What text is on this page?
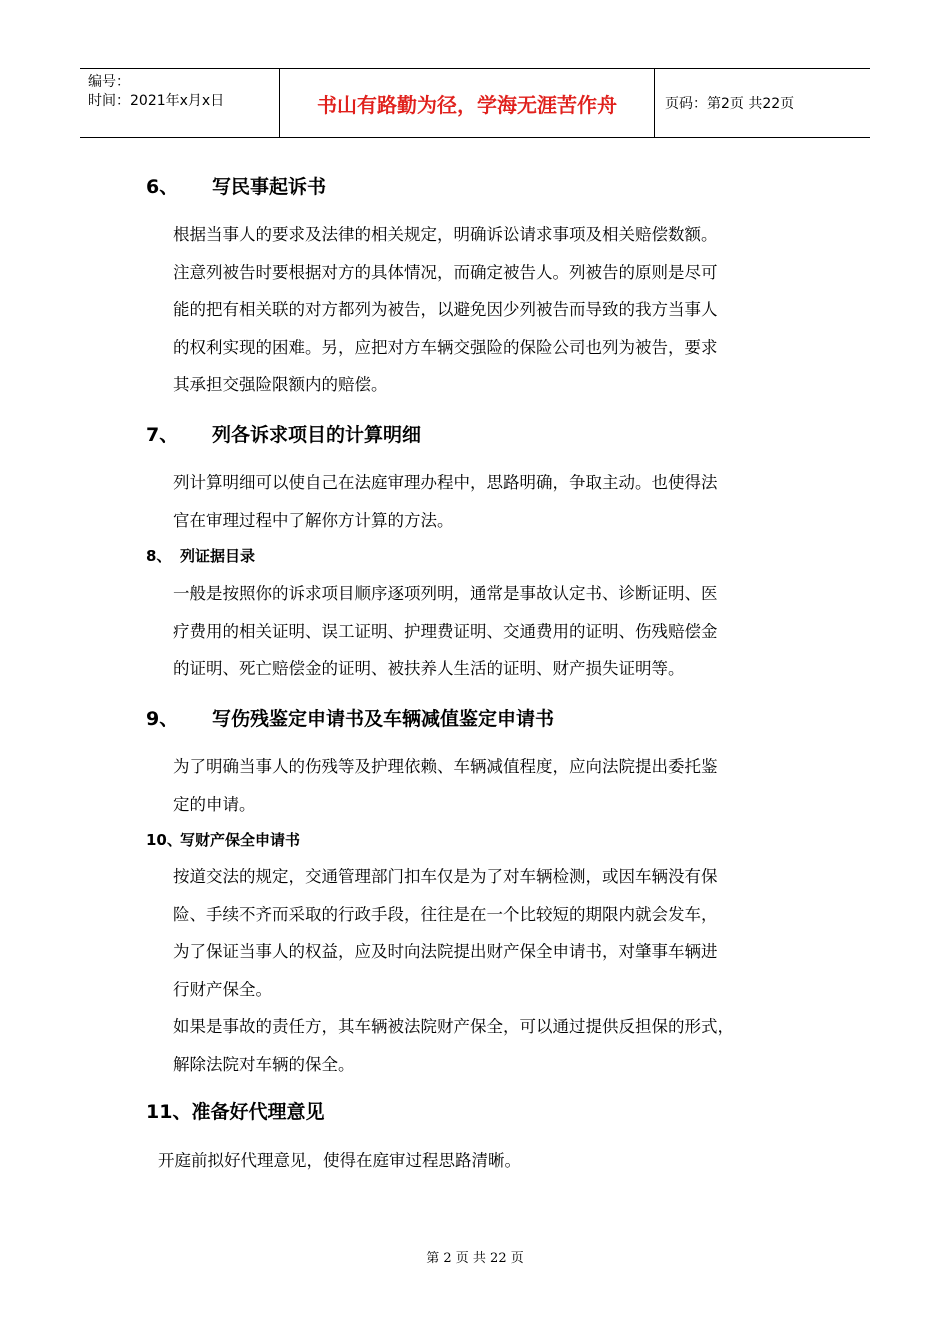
编号：
时间：2021年x月x日	书山有路勤为径，学海无涯苦作舟	页码：第2页 共22页
6、 写民事起诉书
根据当事人的要求及法律的相关规定，明确诉讼请求事项及相关赔偿数额。
注意列被告时要根据对方的具体情况，而确定被告人。列被告的原则是尽可
能的把有相关联的对方都列为被告，以避免因少列被告而导致的我方当事人
的权利实现的困难。另，应把对方车辆交强险的保险公司也列为被告，要求
其承担交强险限额内的赔偿。
7、 列各诉求项目的计算明细
列计算明细可以使自己在法庭审理办程中，思路明确，争取主动。也使得法
官在审理过程中了解你方计算的方法。
8、 列证据目录
一般是按照你的诉求项目顺序逐项列明，通常是事故认定书、诊断证明、医
疗费用的相关证明、误工证明、护理费证明、交通费用的证明、伤残赔偿金
的证明、死亡赔偿金的证明、被扶养人生活的证明、财产损失证明等。
9、 写伤残鉴定申请书及车辆减值鉴定申请书
为了明确当事人的伤残等及护理依赖、车辆减值程度，应向法院提出委托鉴
定的申请。
10、写财产保全申请书
按道交法的规定，交通管理部门扣车仅是为了对车辆检测，或因车辆没有保
险、手续不齐而采取的行政手段，往往是在一个比较短的期限内就会发车，
为了保证当事人的权益，应及时向法院提出财产保全申请书，对肇事车辆进
行财产保全。
如果是事故的责任方，其车辆被法院财产保全，可以通过提供反担保的形式，
解除法院对车辆的保全。
11、准备好代理意见
开庭前拟好代理意见，使得在庭审过程思路清晰。
第 2 页 共 22 页
